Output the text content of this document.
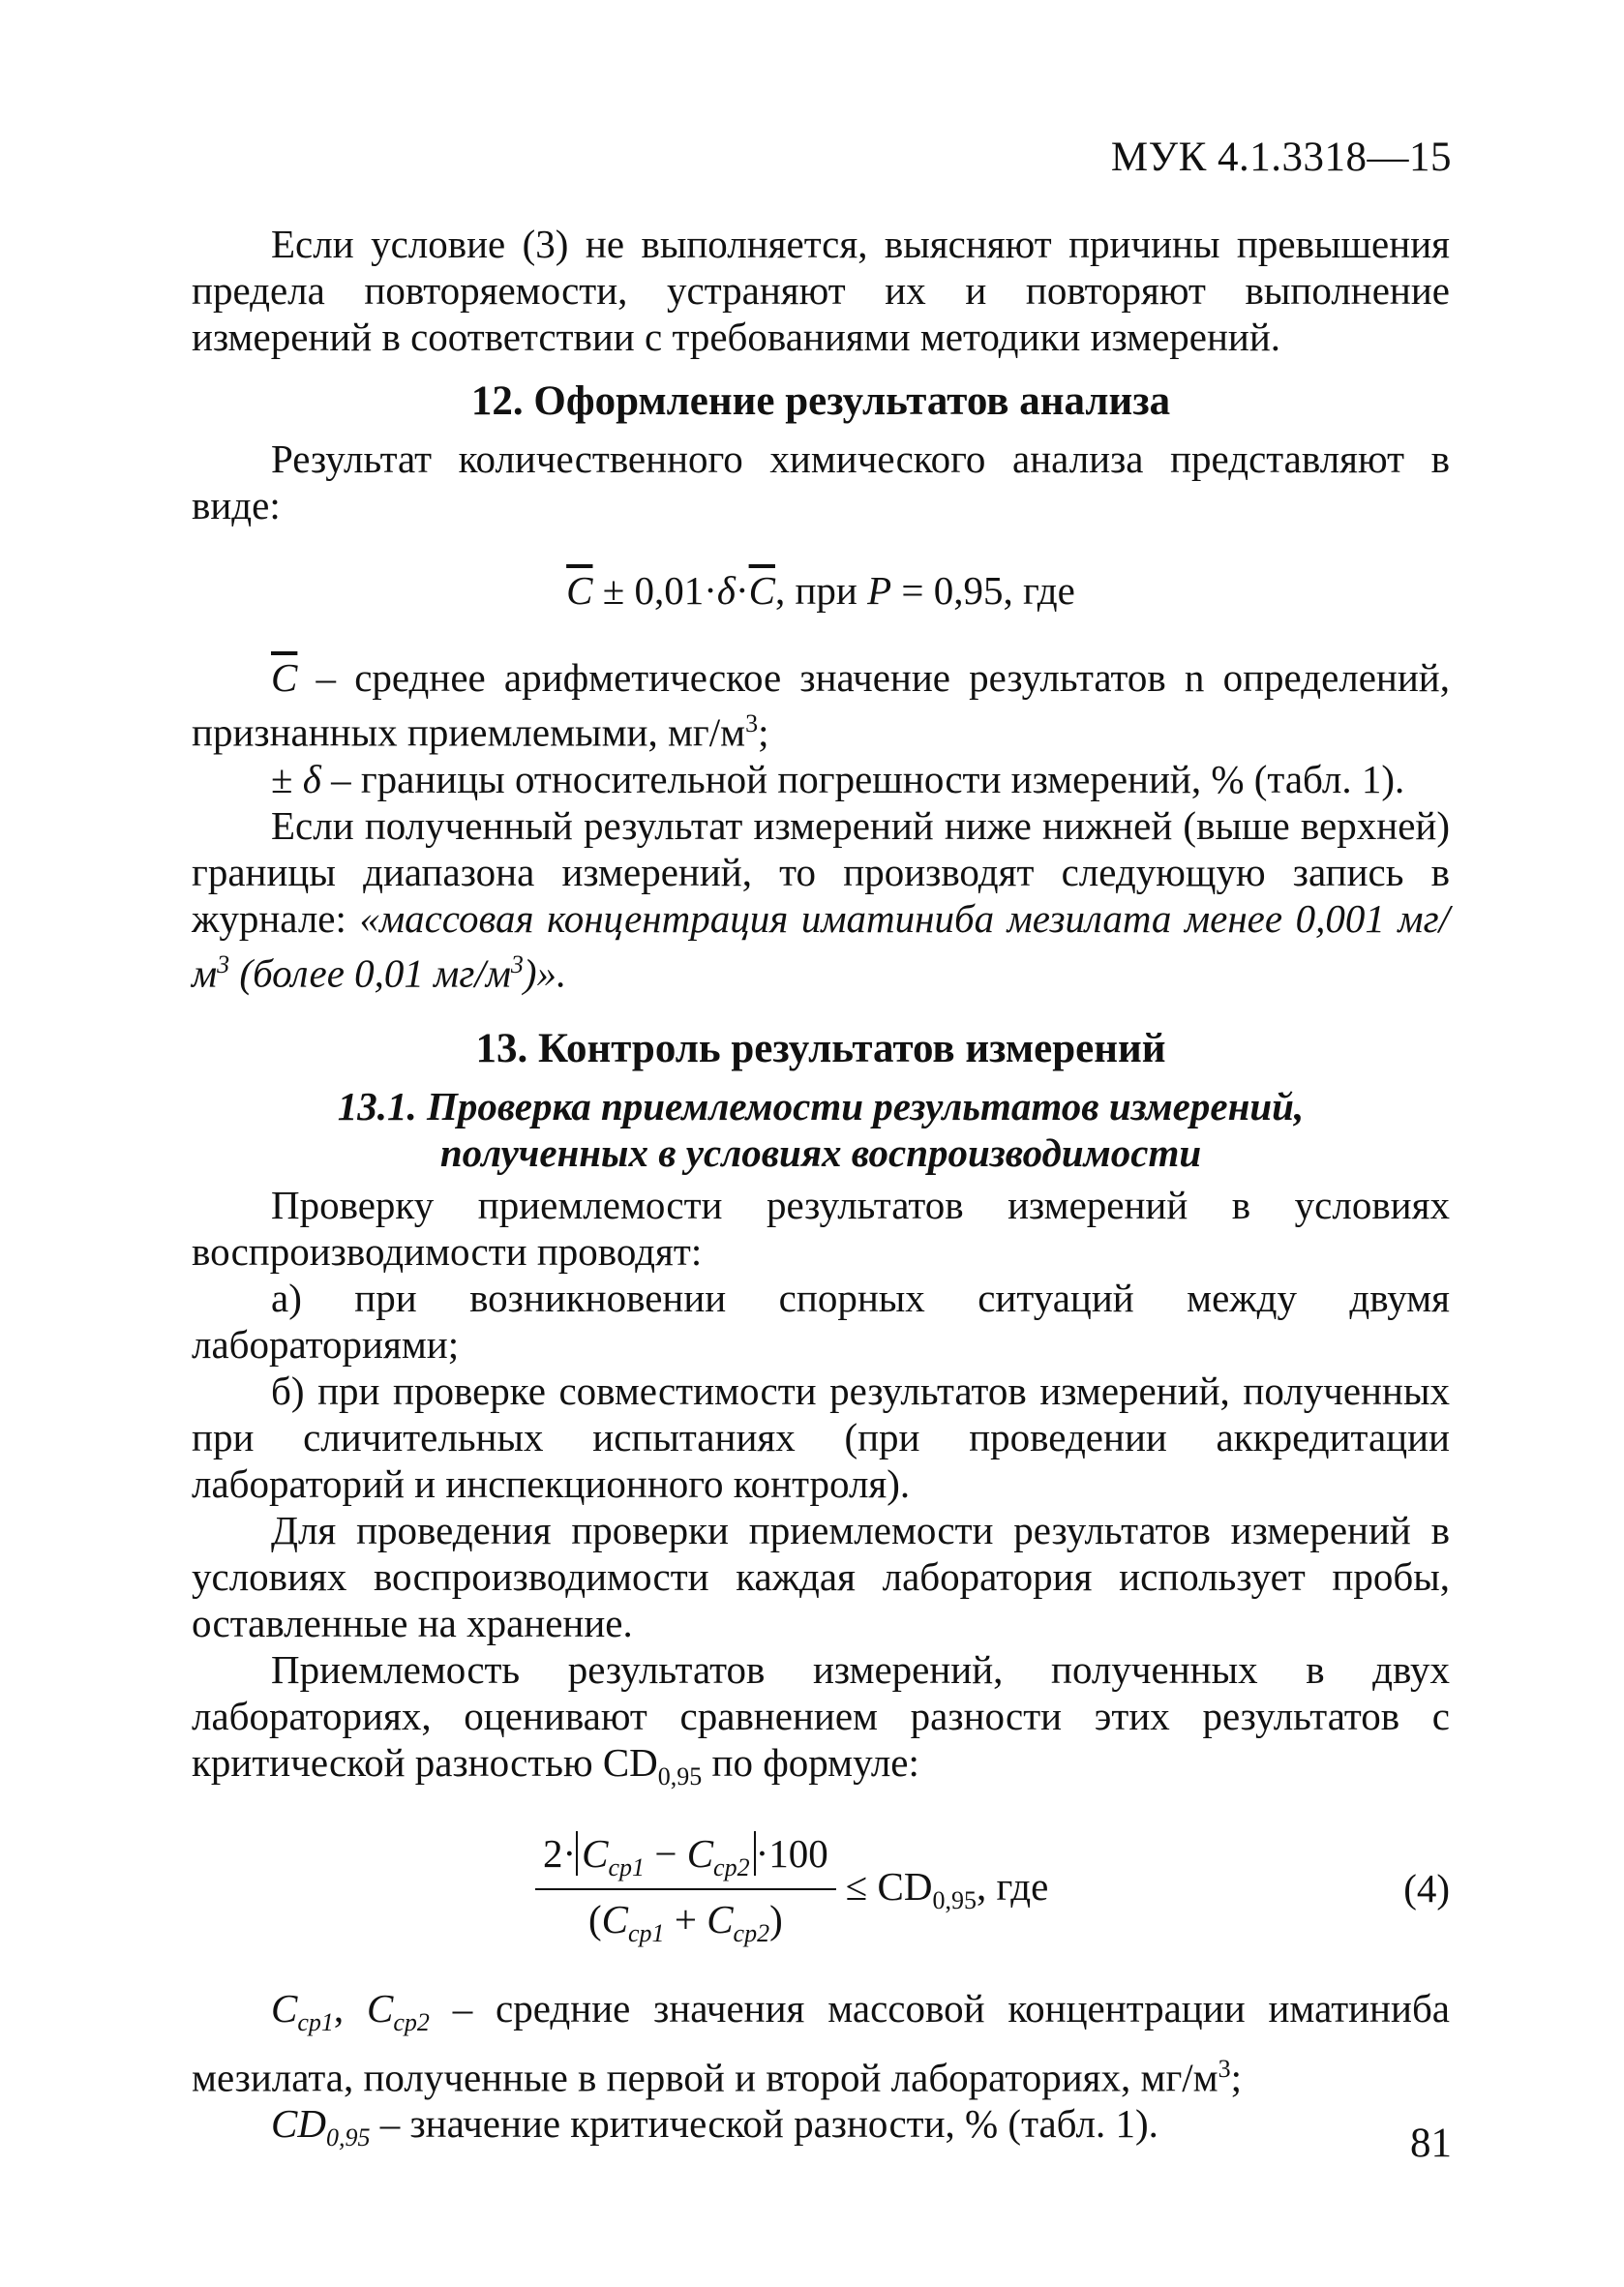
МУК 4.1.3318—15

Если условие (3) не выполняется, выясняют причины превышения предела повторяемости, устраняют их и повторяют выполнение измерений в соответствии с требованиями методики измерений.

12. Оформление результатов анализа

Результат количественного химического анализа представляют в виде:

$\overline{C} \pm 0,01\cdot\delta\cdot\overline{C}$, при P = 0,95, где

$\overline{C}$ – среднее арифметическое значение результатов n определений, признанных приемлемыми, $мг/м^3$;

± δ – границы относительной погрешности измерений, % (табл. 1).

Если полученный результат измерений ниже нижней (выше верхней) границы диапазона измерений, то производят следующую запись в журнале: «массовая концентрация иматиниба мезилата менее 0,001 $мг/м^3$ (более 0,01 $мг/м^3$)».

13. Контроль результатов измерений
13.1. Проверка приемлемости результатов измерений,
полученных в условиях воспроизводимости

Проверку приемлемости результатов измерений в условиях воспроизводимости проводят:

а) при возникновении спорных ситуаций между двумя лабораториями;

б) при проверке совместимости результатов измерений, полученных при сличительных испытаниях (при проведении аккредитации лабораторий и инспекционного контроля).

Для проведения проверки приемлемости результатов измерений в условиях воспроизводимости каждая лаборатория использует пробы, оставленные на хранение.

Приемлемость результатов измерений, полученных в двух лабораториях, оценивают сравнением разности этих результатов с критической разностью $CD_{0,95}$ по формуле:

$\frac{2\cdot C_{cp1} - C_{cp2} \cdot 100}{(C_{cp1} + C_{cp2})} \le CD_{0,95}$, где	(4)

$C_{cp1}$, $C_{cp2}$ – средние значения массовой концентрации иматиниба мезилата, полученные в первой и второй лабораториях, $мг/м^3$;

$CD_{0,95}$ – значение критической разности, % (табл. 1).	81
